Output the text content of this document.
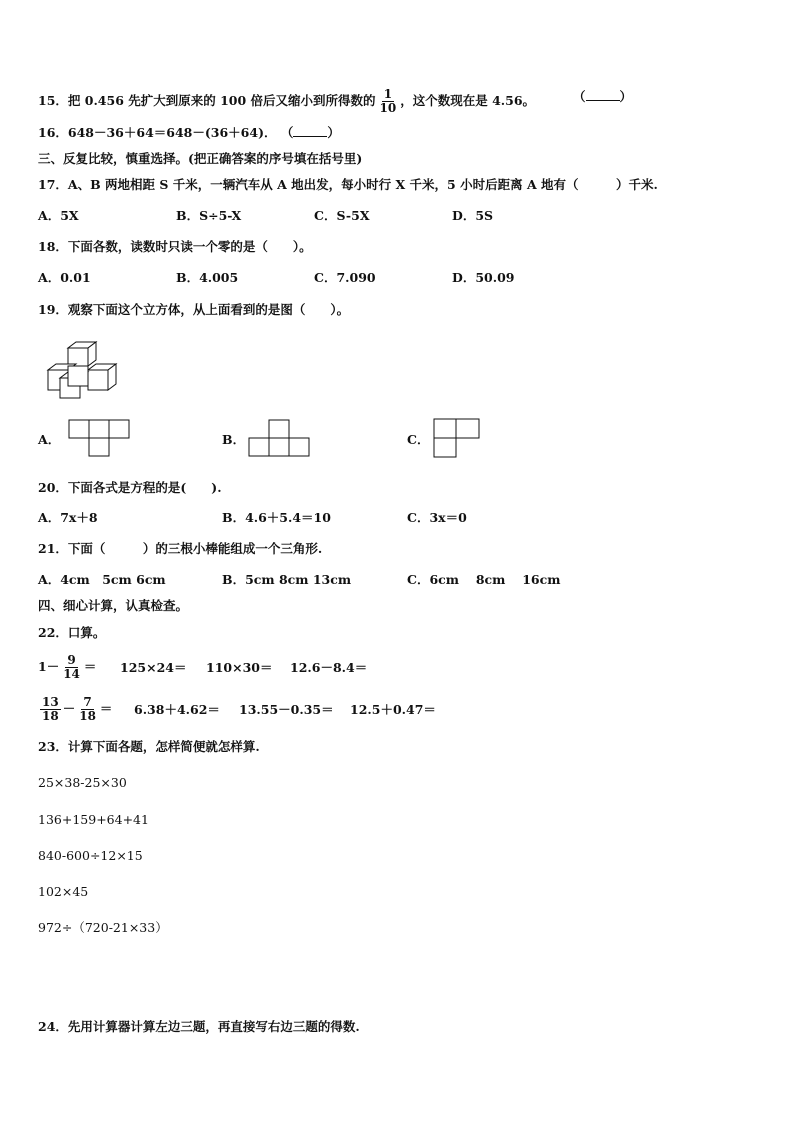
15．把 0.456 先扩大到原来的 100 倍后又缩小到所得数的 $\frac{1}{10}$ ，这个数现在是 4.56。	（	）
16．648－36＋64＝648－(36＋64)． （	）
三、反复比较，慎重选择。(把正确答案的序号填在括号里)
17．A、B 两地相距 S 千米，一辆汽车从 A 地出发，每小时行 X 千米，5 小时后距离 A 地有（　　　）千米.
A．5X	B．S÷5-X	C．S-5X	D．5S
18．下面各数，读数时只读一个零的是（　　）。
A．0.01	B．4.005	C．7.090	D．50.09
19．观察下面这个立方体，从上面看到的是图（　　）。
A．	B．	C．
20．下面各式是方程的是(　　).
A．7x＋8	B．4.6＋5.4＝10	C．3x＝0
21．下面（　　　）的三根小棒能组成一个三角形.
A．4cm　5cm 6cm	B．5cm 8cm 13cm	C．6cm　 8cm　 16cm
四、细心计算，认真检查。
22．口算。
$1- \frac{9}{14} = 125\times 24= 110\times 30= 12.6-8.4=$
$\frac{13}{18} - \frac{7}{18} = 6.38+4.62= 13.55-0.35= 12.5+0.47=$
23．计算下面各题，怎样简便就怎样算.
25×38-25×30
136+159+64+41
840-600÷12×15
102×45
972÷（720-21×33）
24．先用计算器计算左边三题，再直接写右边三题的得数.
